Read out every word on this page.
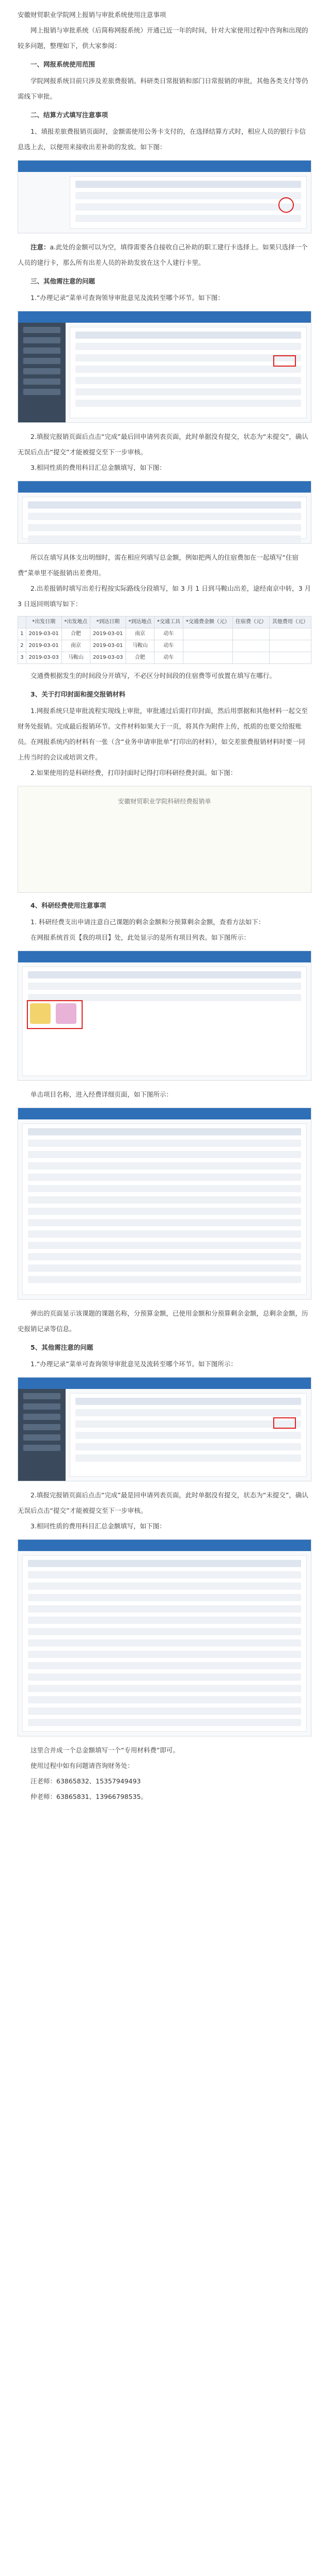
安徽财贸职业学院网上报销与审批系统使用注意事项

网上报销与审批系统（后简称网报系统）开通已近一年的时间，针对大家使用过程中咨询和出现的较多问题，整理如下，供大家参阅：

一、网报系统使用范围

学院网报系统目前只涉及差旅费报销。科研类日常报销和部门日常报销的审批，其他各类支付等仍需线下审批。

二、结算方式填写注意事项

1、填报差旅费报销页面时，金额需使用公务卡支付的，在选择结算方式时，相应人员的银行卡信息选上去，以便用来接收出差补助的发放。如下图：

注意：a.此处的金额可以为空，填得需要各自接收自己补助的职工建行卡选择上。如果只选择一个人员的建行卡，那么所有出差人员的补助发放在这个人建行卡里。

三、其他需注意的问题

1.“办理记录”菜单可查询领导审批意见及流转至哪个环节。如下图：

2.填报完报销页面后点击“完成”最后回申请列表页面，此时单据没有提交，状态为“未提交”，确认无误后点击“提交”才能被提交至下一步审核。

3.相同性质的费用科目汇总金额填写，如下图：

所以在填写具体支出明细时，需在相应列填写总金额，例如把两人的住宿费加在一起填写“住宿费”菜单里不能报销出差费用。

2.出差报销时填写出差行程按实际路线分段填写，如 3 月 1 日到马鞍山出差，途经南京中转，3 月 3 日返回则填写如下：

	*出发日期	*出发地点	*到达日期	*到达地点	*交通工具	*交通费金额（元）	住宿费（元）	其他费用（元）
1	2019-03-01	合肥	2019-03-01	南京	动车			
2	2019-03-01	南京	2019-03-01	马鞍山	动车			
3	2019-03-03	马鞍山	2019-03-03	合肥	动车			

交通费根据发生的时间段分开填写，不必区分时间段的住宿费等可放置在填写在哪行。

3、关于打印封面和提交报销材料

1.网报系统只是审批流程实现线上审批，审批通过后需打印封面，然后用票据和其他材料一起交至财务处报销。完成最后报销环节。文件材料如果大于一页，将其作为附件上传，纸质的也要交给报账员。在网报系统内的材料有一张（含“业务申请审批单”打印出的材料），如交差旅费报销材料时要一同上传当时的会议或培训文件。

2.如果使用的是科研经费，打印封面时记得打印科研经费封面。如下图：

安徽财贸职业学院科研经费报销单

4、科研经费使用注意事项

1. 科研经费支出申请注意自己课题的剩余金额和分预算剩余金额，查看方法如下：

在网报系统首页【我的项目】处，此处显示的是所有项目列表。如下图所示：

单击项目名称，进入经费详细页面，如下图所示：

弹出的页面显示该课题的课题名称，分预算金额，已使用金额和分预算剩余金额，总剩余金额，历史报销记录等信息。

5、其他需注意的问题

1.“办理记录”菜单可查询领导审批意见及流转至哪个环节。如下图所示：

2.填报完报销页面后点击“完成”最是回申请列表页面，此时单据没有提交，状态为“未提交”，确认无误后点击“提交”才能被提交至下一步审核。

3.相同性质的费用科目汇总金额填写，如下图：

这里合并成一个总金额填写一个“专用材料费”即可。

使用过程中如有问题请咨询财务处：

汪老师：63865832、15357949493

仲老师：63865831、13966798535。
